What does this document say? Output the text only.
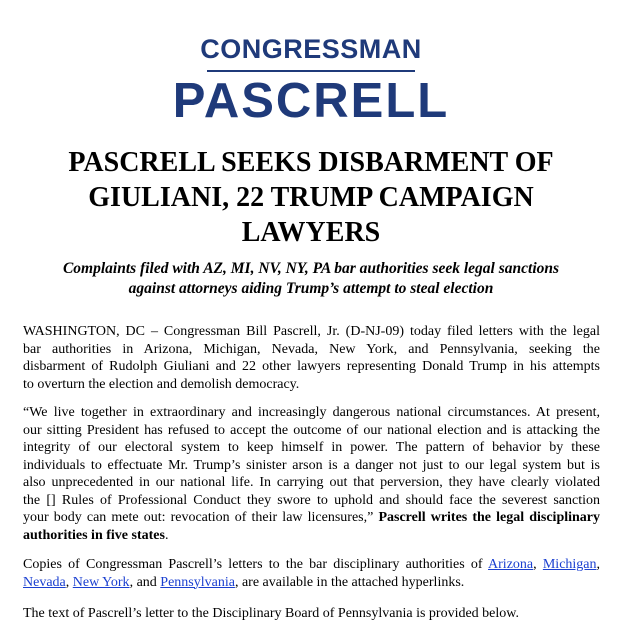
CONGRESSMAN
PASCRELL
PASCRELL SEEKS DISBARMENT OF
GIULIANI, 22 TRUMP CAMPAIGN
LAWYERS
Complaints filed with AZ, MI, NV, NY, PA bar authorities seek legal sanctions
against attorneys aiding Trump’s attempt to steal election
WASHINGTON, DC – Congressman Bill Pascrell, Jr. (D-NJ-09) today filed letters with the legal
bar authorities in Arizona, Michigan, Nevada, New York, and Pennsylvania, seeking the
disbarment of Rudolph Giuliani and 22 other lawyers representing Donald Trump in his attempts
to overturn the election and demolish democracy.
“We live together in extraordinary and increasingly dangerous national circumstances. At present,
our sitting President has refused to accept the outcome of our national election and is attacking the
integrity of our electoral system to keep himself in power. The pattern of behavior by these
individuals to effectuate Mr. Trump’s sinister arson is a danger not just to our legal system but is
also unprecedented in our national life. In carrying out that perversion, they have clearly violated
the [] Rules of Professional Conduct they swore to uphold and should face the severest sanction
your body can mete out: revocation of their law licensures,” Pascrell writes the legal disciplinary
authorities in five states.
Copies of Congressman Pascrell’s letters to the bar disciplinary authorities of Arizona, Michigan,
Nevada, New York, and Pennsylvania, are available in the attached hyperlinks.
The text of Pascrell’s letter to the Disciplinary Board of Pennsylvania is provided below.
